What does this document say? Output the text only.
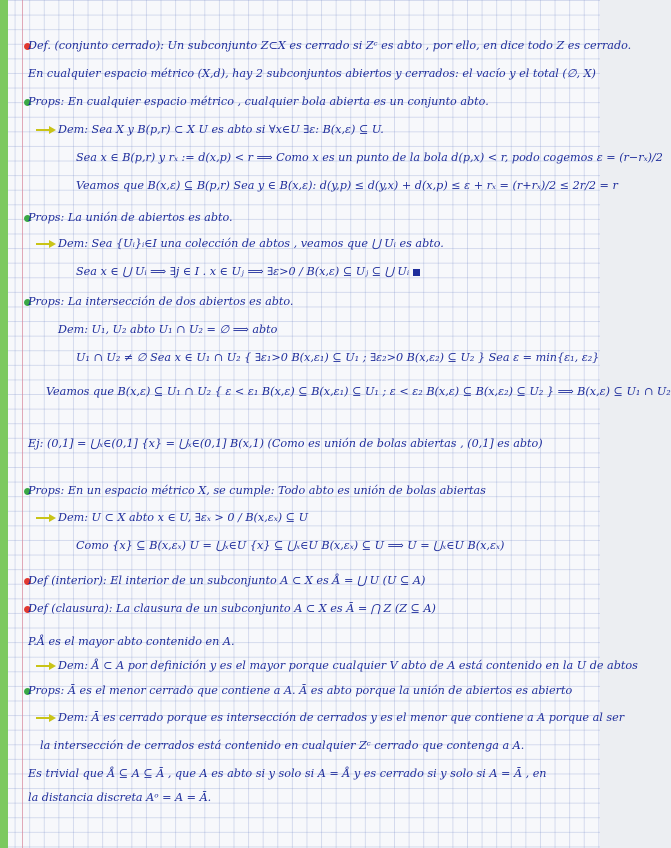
Def. (conjunto cerrado): Un subconjunto Z⊂X es cerrado si Zᶜ es abto , por ello, en dice todo Z es cerrado.
En cualquier espacio métrico (X,d), hay 2 subconjuntos abiertos y cerrados: el vacío y el total (∅, X)
Props: En cualquier espacio métrico , cualquier bola abierta es un conjunto abto.
Dem: Sea X y B(p,r) ⊂ X U es abto si ∀x∈U ∃ε: B(x,ε) ⊆ U.
Sea x ∈ B(p,r) y rₓ := d(x,p) < r ⟹ Como x es un punto de la bola d(p,x) < r, podo cogemos ε = (r−rₓ)/2
Veamos que B(x,ε) ⊆ B(p,r) Sea y ∈ B(x,ε): d(y,p) ≤ d(y,x) + d(x,p) ≤ ε + rₓ = (r+rₓ)/2 ≤ 2r/2 = r
Props: La unión de abiertos es abto.
Dem: Sea {Uᵢ}ᵢ∈I una colección de abtos , veamos que ⋃ Uᵢ es abto.
Sea x ∈ ⋃ Uᵢ ⟹ ∃j ∈ I . x ∈ Uⱼ ⟹ ∃ε>0 / B(x,ε) ⊆ Uⱼ ⊆ ⋃ Uᵢ
Props: La intersección de dos abiertos es abto.
Dem: U₁, U₂ abto U₁ ∩ U₂ = ∅ ⟹ abto
U₁ ∩ U₂ ≠ ∅ Sea x ∈ U₁ ∩ U₂ { ∃ε₁>0 B(x,ε₁) ⊆ U₁ ; ∃ε₂>0 B(x,ε₂) ⊆ U₂ } Sea ε = min{ε₁, ε₂}
Veamos que B(x,ε) ⊆ U₁ ∩ U₂ { ε < ε₁ B(x,ε) ⊆ B(x,ε₁) ⊆ U₁ ; ε < ε₂ B(x,ε) ⊆ B(x,ε₂) ⊆ U₂ } ⟹ B(x,ε) ⊆ U₁ ∩ U₂
Ej: (0,1] = ⋃ₓ∈(0,1] {x} = ⋃ₓ∈(0,1] B(x,1) (Como es unión de bolas abiertas , (0,1] es abto)
Props: En un espacio métrico X, se cumple: Todo abto es unión de bolas abiertas
Dem: U ⊂ X abto x ∈ U, ∃εₓ > 0 / B(x,εₓ) ⊆ U
Como {x} ⊆ B(x,εₓ) U = ⋃ₓ∈U {x} ⊆ ⋃ₓ∈U B(x,εₓ) ⊆ U ⟹ U = ⋃ₓ∈U B(x,εₓ)
Def (interior): El interior de un subconjunto A ⊂ X es Å = ⋃ U (U ⊆ A)
Def (clausura): La clausura de un subconjunto A ⊂ X es Ā = ⋂ Z (Z ⊆ A)
P.Å es el mayor abto contenido en A.
Dem: Å ⊂ A por definición y es el mayor porque cualquier V abto de A está contenido en la U de abtos
Props: Ā es el menor cerrado que contiene a A. Ā es abto porque la unión de abiertos es abierto
Dem: Ā es cerrado porque es intersección de cerrados y es el menor que contiene a A porque al ser
la intersección de cerrados está contenido en cualquier Zᶜ cerrado que contenga a A.
Es trivial que Å ⊆ A ⊆ Ā , que A es abto si y solo si A = Å y es cerrado si y solo si A = Ā , en
la distancia discreta Aᵒ = A = Ā.
